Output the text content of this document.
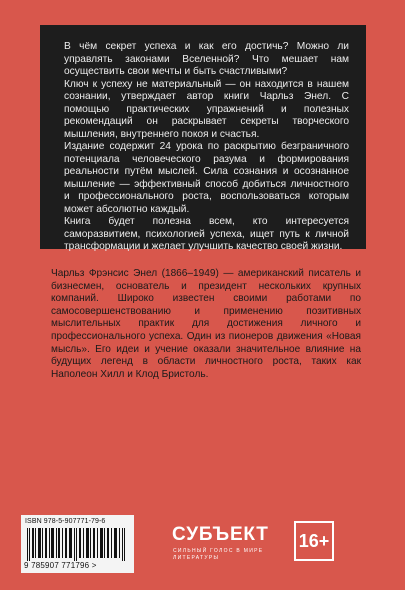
В чём секрет успеха и как его достичь? Можно ли управлять законами Вселенной? Что мешает нам осуществить свои мечты и быть счастливыми?

Ключ к успеху не материальный — он находится в нашем сознании, утверждает автор книги Чарльз Энел. С помощью практических упражнений и полезных рекомендаций он раскрывает секреты творческого мышления, внутреннего покоя и счастья.

Издание содержит 24 урока по раскрытию безграничного потенциала человеческого разума и формирования реальности путём мыслей. Сила сознания и осознанное мышление — эффективный способ добиться личностного и профессионального роста, воспользоваться которым может абсолютно каждый.

Книга будет полезна всем, кто интересуется саморазвитием, психологией успеха, ищет путь к личной трансформации и желает улучшить качество своей жизни.

Чарльз Фрэнсис Энел (1866–1949) — американский писатель и бизнесмен, основатель и президент нескольких крупных компаний. Широко известен своими работами по самосовершенствованию и применению позитивных мыслительных практик для достижения личного и профессионального успеха. Один из пионеров движения «Новая мысль». Его идеи и учение оказали значительное влияние на будущих легенд в области личностного роста, таких как Наполеон Хилл и Клод Бристоль.

ISBN 978-5-907771-79-6
9 785907 771796 >
СУБЪЕКТ
СИЛЬНЫЙ ГОЛОС В МИРЕ ЛИТЕРАТУРЫ
16+
